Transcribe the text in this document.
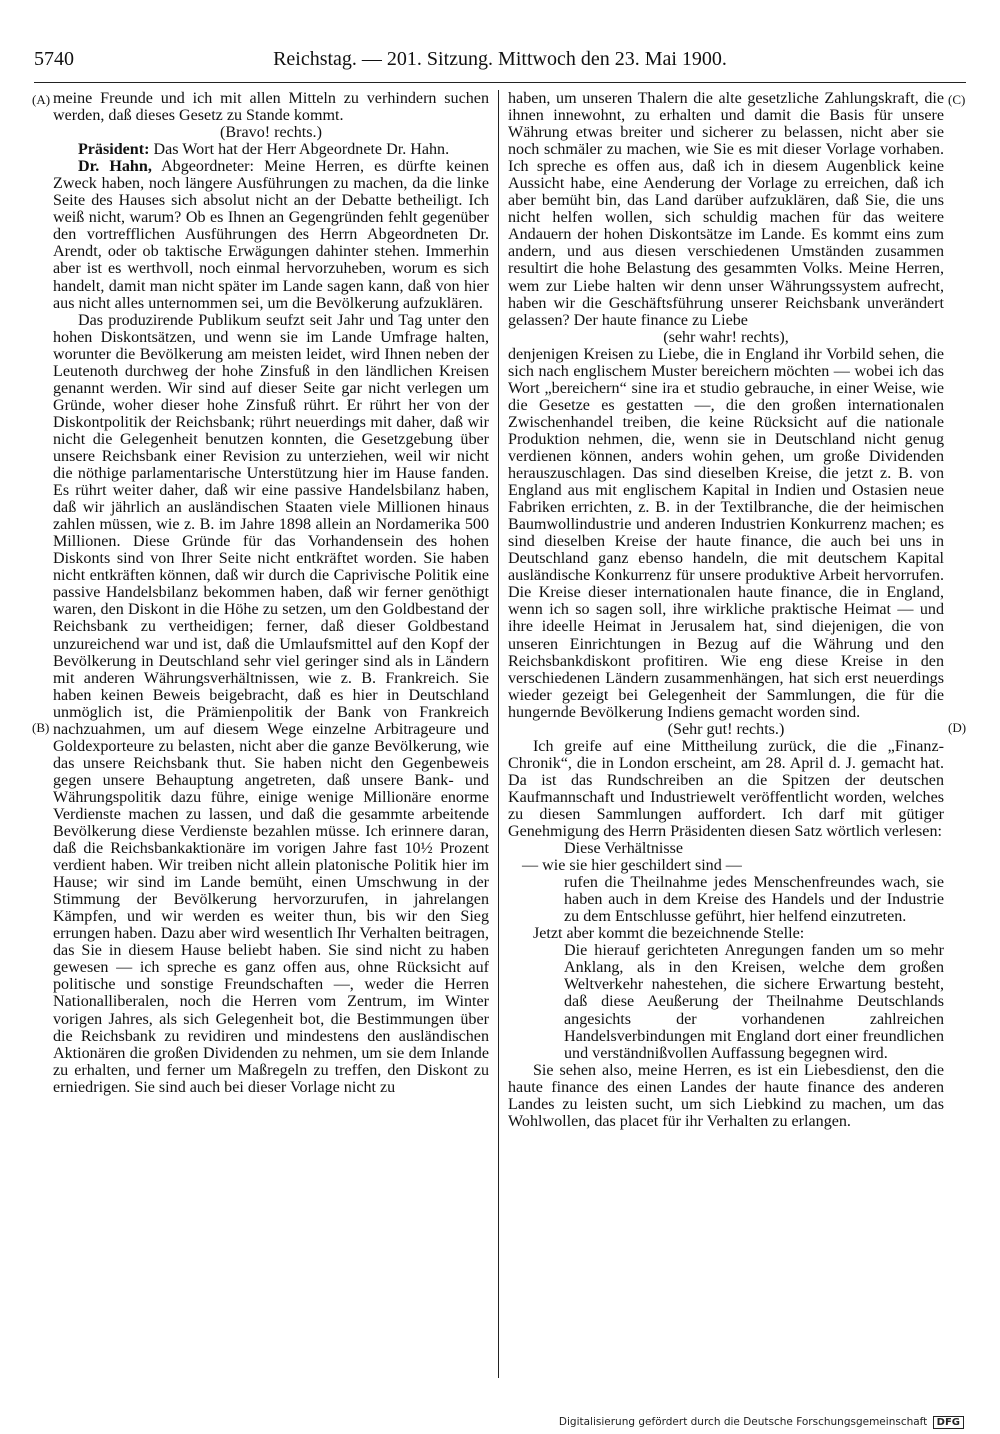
5740	Reichstag. — 201. Sitzung. Mittwoch den 23. Mai 1900.
(A)
(B)
(C)
(D)

meine Freunde und ich mit allen Mitteln zu verhindern suchen werden, daß dieses Gesetz zu Stande kommt.

(Bravo! rechts.)

Präsident: Das Wort hat der Herr Abgeordnete Dr. Hahn.

Dr. Hahn, Abgeordneter: Meine Herren, es dürfte keinen Zweck haben, noch längere Ausführungen zu machen, da die linke Seite des Hauses sich absolut nicht an der Debatte betheiligt. Ich weiß nicht, warum? Ob es Ihnen an Gegengründen fehlt gegenüber den vortrefflichen Ausführungen des Herrn Abgeordneten Dr. Arendt, oder ob taktische Erwägungen dahinter stehen. Immerhin aber ist es werthvoll, noch einmal hervorzuheben, worum es sich handelt, damit man nicht später im Lande sagen kann, daß von hier aus nicht alles unternommen sei, um die Bevölkerung aufzuklären.

Das produzirende Publikum seufzt seit Jahr und Tag unter den hohen Diskontsätzen, und wenn sie im Lande Umfrage halten, worunter die Bevölkerung am meisten leidet, wird Ihnen neben der Leutenoth durchweg der hohe Zinsfuß in den ländlichen Kreisen genannt werden. Wir sind auf dieser Seite gar nicht verlegen um Gründe, woher dieser hohe Zinsfuß rührt. Er rührt her von der Diskontpolitik der Reichsbank; rührt neuerdings mit daher, daß wir nicht die Gelegenheit benutzen konnten, die Gesetzgebung über unsere Reichsbank einer Revision zu unterziehen, weil wir nicht die nöthige parlamentarische Unterstützung hier im Hause fanden. Es rührt weiter daher, daß wir eine passive Handelsbilanz haben, daß wir jährlich an ausländischen Staaten viele Millionen hinaus zahlen müssen, wie z. B. im Jahre 1898 allein an Nordamerika 500 Millionen. Diese Gründe für das Vorhandensein des hohen Diskonts sind von Ihrer Seite nicht entkräftet worden. Sie haben nicht entkräften können, daß wir durch die Caprivische Politik eine passive Handelsbilanz bekommen haben, daß wir ferner genöthigt waren, den Diskont in die Höhe zu setzen, um den Goldbestand der Reichsbank zu vertheidigen; ferner, daß dieser Goldbestand unzureichend war und ist, daß die Umlaufsmittel auf den Kopf der Bevölkerung in Deutschland sehr viel geringer sind als in Ländern mit anderen Währungsverhältnissen, wie z. B. Frankreich. Sie haben keinen Beweis beigebracht, daß es hier in Deutschland unmöglich ist, die Prämienpolitik der Bank von Frankreich nachzuahmen, um auf diesem Wege einzelne Arbitrageure und Goldexporteure zu belasten, nicht aber die ganze Bevölkerung, wie das unsere Reichsbank thut. Sie haben nicht den Gegenbeweis gegen unsere Behauptung angetreten, daß unsere Bank- und Währungspolitik dazu führe, einige wenige Millionäre enorme Verdienste machen zu lassen, und daß die gesammte arbeitende Bevölkerung diese Verdienste bezahlen müsse. Ich erinnere daran, daß die Reichsbankaktionäre im vorigen Jahre fast 10½ Prozent verdient haben. Wir treiben nicht allein platonische Politik hier im Hause; wir sind im Lande bemüht, einen Umschwung in der Stimmung der Bevölkerung hervorzurufen, in jahrelangen Kämpfen, und wir werden es weiter thun, bis wir den Sieg errungen haben. Dazu aber wird wesentlich Ihr Verhalten beitragen, das Sie in diesem Hause beliebt haben. Sie sind nicht zu haben gewesen — ich spreche es ganz offen aus, ohne Rücksicht auf politische und sonstige Freundschaften —, weder die Herren Nationalliberalen, noch die Herren vom Zentrum, im Winter vorigen Jahres, als sich Gelegenheit bot, die Bestimmungen über die Reichsbank zu revidiren und mindestens den ausländischen Aktionären die großen Dividenden zu nehmen, um sie dem Inlande zu erhalten, und ferner um Maßregeln zu treffen, den Diskont zu erniedrigen. Sie sind auch bei dieser Vorlage nicht zu

haben, um unseren Thalern die alte gesetzliche Zahlungskraft, die ihnen innewohnt, zu erhalten und damit die Basis für unsere Währung etwas breiter und sicherer zu belassen, nicht aber sie noch schmäler zu machen, wie Sie es mit dieser Vorlage vorhaben. Ich spreche es offen aus, daß ich in diesem Augenblick keine Aussicht habe, eine Aenderung der Vorlage zu erreichen, daß ich aber bemüht bin, das Land darüber aufzuklären, daß Sie, die uns nicht helfen wollen, sich schuldig machen für das weitere Andauern der hohen Diskontsätze im Lande. Es kommt eins zum andern, und aus diesen verschiedenen Umständen zusammen resultirt die hohe Belastung des gesammten Volks. Meine Herren, wem zur Liebe halten wir denn unser Währungssystem aufrecht, haben wir die Geschäftsführung unserer Reichsbank unverändert gelassen? Der haute finance zu Liebe

(sehr wahr! rechts),

denjenigen Kreisen zu Liebe, die in England ihr Vorbild sehen, die sich nach englischem Muster bereichern möchten — wobei ich das Wort „bereichern“ sine ira et studio gebrauche, in einer Weise, wie die Gesetze es gestatten —, die den großen internationalen Zwischenhandel treiben, die keine Rücksicht auf die nationale Produktion nehmen, die, wenn sie in Deutschland nicht genug verdienen können, anders wohin gehen, um große Dividenden herauszuschlagen. Das sind dieselben Kreise, die jetzt z. B. von England aus mit englischem Kapital in Indien und Ostasien neue Fabriken errichten, z. B. in der Textilbranche, die der heimischen Baumwollindustrie und anderen Industrien Konkurrenz machen; es sind dieselben Kreise der haute finance, die auch bei uns in Deutschland ganz ebenso handeln, die mit deutschem Kapital ausländische Konkurrenz für unsere produktive Arbeit hervorrufen. Die Kreise dieser internationalen haute finance, die in England, wenn ich so sagen soll, ihre wirkliche praktische Heimat — und ihre ideelle Heimat in Jerusalem hat, sind diejenigen, die von unseren Einrichtungen in Bezug auf die Währung und den Reichsbankdiskont profitiren. Wie eng diese Kreise in den verschiedenen Ländern zusammenhängen, hat sich erst neuerdings wieder gezeigt bei Gelegenheit der Sammlungen, die für die hungernde Bevölkerung Indiens gemacht worden sind.

(Sehr gut! rechts.)

Ich greife auf eine Mittheilung zurück, die die „Finanz-Chronik“, die in London erscheint, am 28. April d. J. gemacht hat. Da ist das Rundschreiben an die Spitzen der deutschen Kaufmannschaft und Industriewelt veröffentlicht worden, welches zu diesen Sammlungen auffordert. Ich darf mit gütiger Genehmigung des Herrn Präsidenten diesen Satz wörtlich verlesen:

Diese Verhältnisse

— wie sie hier geschildert sind —

rufen die Theilnahme jedes Menschenfreundes wach, sie haben auch in dem Kreise des Handels und der Industrie zu dem Entschlusse geführt, hier helfend einzutreten.

Jetzt aber kommt die bezeichnende Stelle:

Die hierauf gerichteten Anregungen fanden um so mehr Anklang, als in den Kreisen, welche dem großen Weltverkehr nahestehen, die sichere Erwartung besteht, daß diese Aeußerung der Theilnahme Deutschlands angesichts der vorhandenen zahlreichen Handelsverbindungen mit England dort einer freundlichen und verständnißvollen Auffassung begegnen wird.

Sie sehen also, meine Herren, es ist ein Liebesdienst, den die haute finance des einen Landes der haute finance des anderen Landes zu leisten sucht, um sich Liebkind zu machen, um das Wohlwollen, das placet für ihr Verhalten zu erlangen.

Digitalisierung gefördert durch die Deutsche Forschungsgemeinschaft DFG
